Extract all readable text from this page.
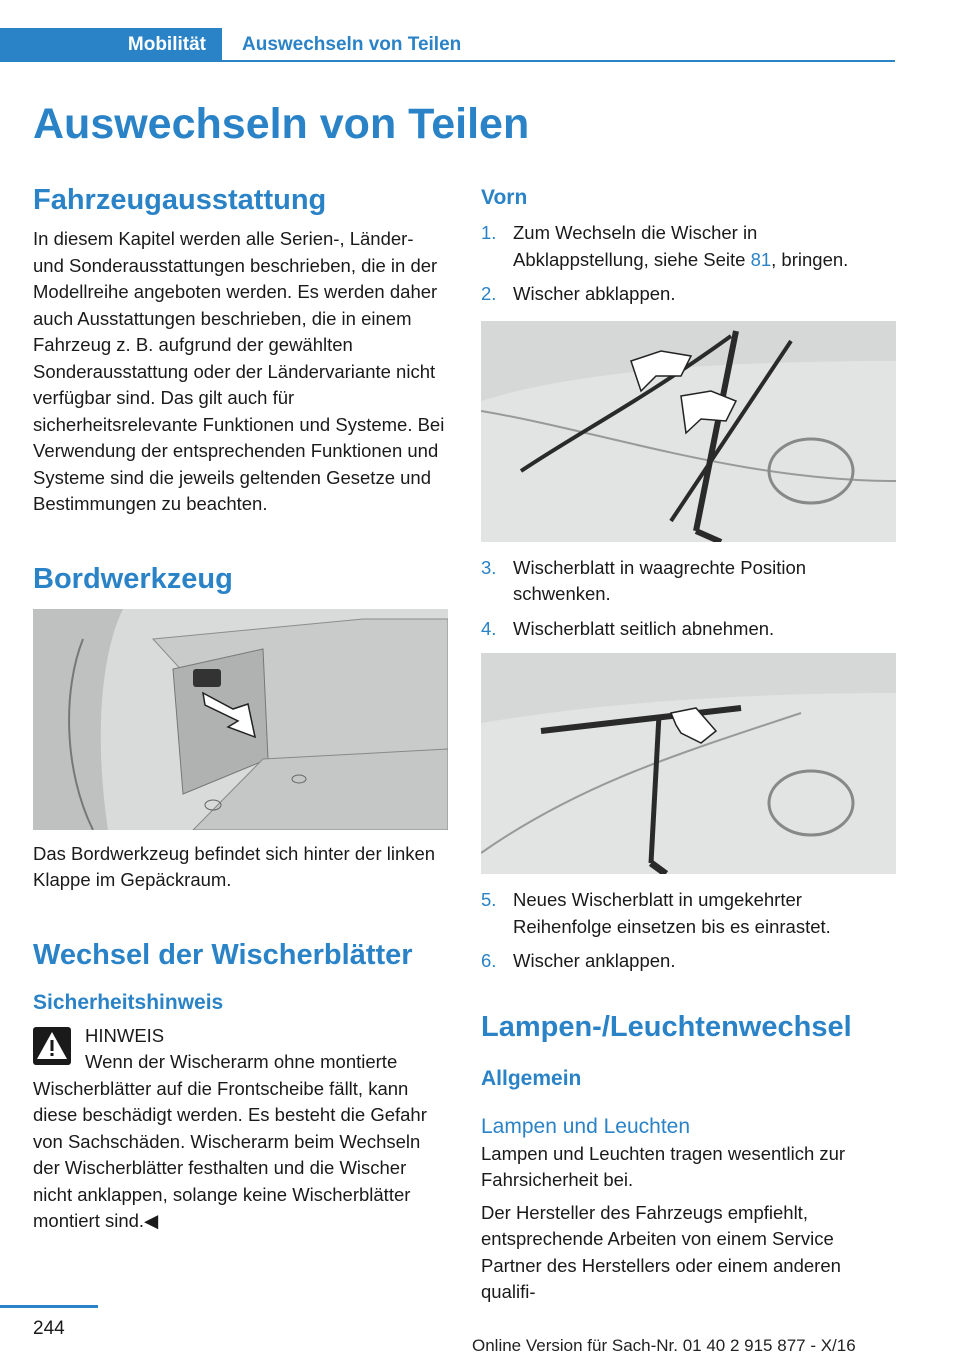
Mobilität	Auswechseln von Teilen
Auswechseln von Teilen
Fahrzeugausstattung

In diesem Kapitel werden alle Serien-, Länder- und Sonderausstattungen beschrieben, die in der Modellreihe angeboten werden. Es werden daher auch Ausstattungen beschrieben, die in einem Fahrzeug z. B. aufgrund der gewählten Sonderausstattung oder der Ländervariante nicht verfügbar sind. Das gilt auch für sicherheitsrelevante Funktionen und Systeme. Bei Verwendung der entsprechenden Funktionen und Systeme sind die jeweils geltenden Gesetze und Bestimmungen zu beachten.

Bordwerkzeug

Das Bordwerkzeug befindet sich hinter der linken Klappe im Gepäckraum.

Wechsel der Wischerblätter
Sicherheitshinweis

HINWEIS

Wenn der Wischerarm ohne montierte Wischerblätter auf die Frontscheibe fällt, kann diese beschädigt werden. Es besteht die Gefahr von Sachschäden. Wischerarm beim Wechseln der Wischerblätter festhalten und die Wischer nicht anklappen, solange keine Wischerblätter montiert sind.◀

Vorn
1. Zum Wechseln die Wischer in Abklappstellung, siehe Seite 81, bringen.
2. Wischer abklappen.
3. Wischerblatt in waagrechte Position schwenken.
4. Wischerblatt seitlich abnehmen.
5. Neues Wischerblatt in umgekehrter Reihenfolge einsetzen bis es einrastet.
6. Wischer anklappen.
Lampen-/Leuchtenwechsel
Allgemein
Lampen und Leuchten

Lampen und Leuchten tragen wesentlich zur Fahrsicherheit bei.

Der Hersteller des Fahrzeugs empfiehlt, entsprechende Arbeiten von einem Service Partner des Herstellers oder einem anderen qualifi-

244
Online Version für Sach-Nr. 01 40 2 915 877 - X/16
